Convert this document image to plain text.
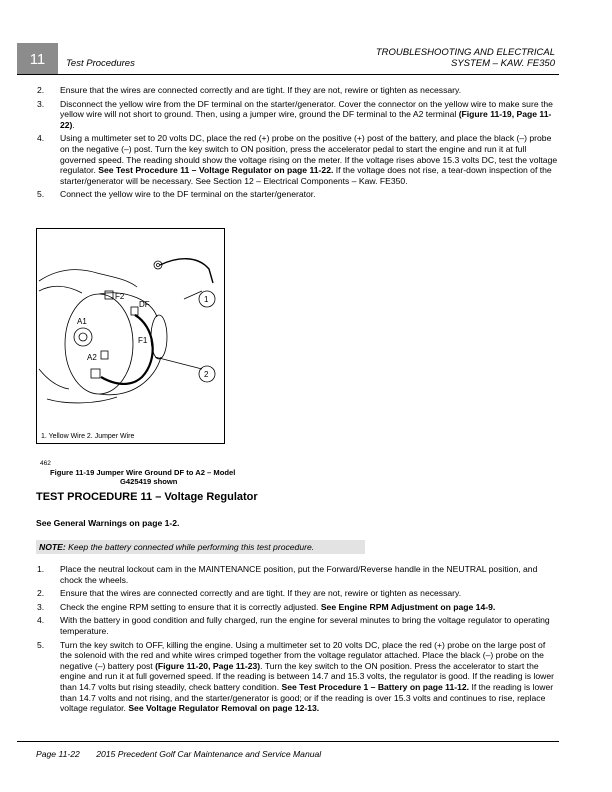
11 Test Procedures
TROUBLESHOOTING AND ELECTRICAL
SYSTEM – KAW. FE350
2.	Ensure that the wires are connected correctly and are tight. If they are not, rewire or tighten as necessary.
3.	Disconnect the yellow wire from the DF terminal on the starter/generator. Cover the connector on the yellow wire to make sure the yellow wire will not short to ground. Then, using a jumper wire, ground the DF terminal to the A2 terminal (Figure 11-19, Page 11-22).
4.	Using a multimeter set to 20 volts DC, place the red (+) probe on the positive (+) post of the battery, and place the black (–) probe on the negative (–) post. Turn the key switch to ON position, press the accelerator pedal to start the engine and run it at full governed speed. The reading should show the voltage rising on the meter. If the voltage rises above 15.3 volts DC, test the voltage regulator. See Test Procedure 11 – Voltage Regulator on page 11-22. If the voltage does not rise, a tear-down inspection of the starter/generator will be necessary. See Section 12 – Electrical Components – Kaw. FE350.
5.	Connect the yellow wire to the DF terminal on the starter/generator.
F2
DF
A1
F1
A2
1
2
1. Yellow Wire 2. Jumper Wire
462
Figure 11-19 Jumper Wire Ground DF to A2 – Model
G425419 shown
TEST PROCEDURE 11 – Voltage Regulator
See General Warnings on page 1-2.
NOTE: Keep the battery connected while performing this test procedure.
1.	Place the neutral lockout cam in the MAINTENANCE position, put the Forward/Reverse handle in the NEUTRAL position, and chock the wheels.
2.	Ensure that the wires are connected correctly and are tight. If they are not, rewire or tighten as necessary.
3.	Check the engine RPM setting to ensure that it is correctly adjusted. See Engine RPM Adjustment on page 14-9.
4.	With the battery in good condition and fully charged, run the engine for several minutes to bring the voltage regulator to operating temperature.
5.	Turn the key switch to OFF, killing the engine. Using a multimeter set to 20 volts DC, place the red (+) probe on the large post of the solenoid with the red and white wires crimped together from the voltage regulator attached. Place the black (–) probe on the negative (–) battery post (Figure 11-20, Page 11-23). Turn the key switch to the ON position. Press the accelerator to start the engine and run it at full governed speed. If the reading is between 14.7 and 15.3 volts, the regulator is good. If the reading is lower than 14.7 volts but rising steadily, check battery condition. See Test Procedure 1 – Battery on page 11-12. If the reading is lower than 14.7 volts and not rising, and the starter/generator is good; or if the reading is over 15.3 volts and continues to rise, replace voltage regulator. See Voltage Regulator Removal on page 12-13.
Page 11-22 2015 Precedent Golf Car Maintenance and Service Manual
